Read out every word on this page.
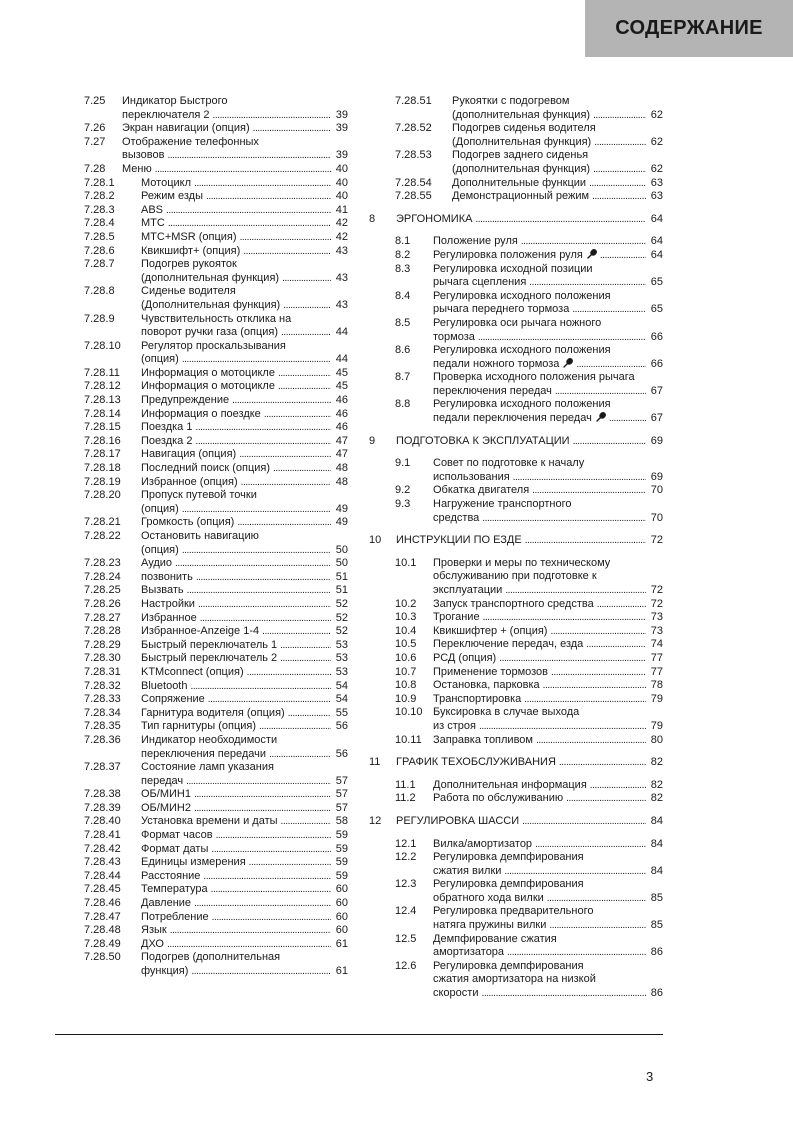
СОДЕРЖАНИЕ
7.25	Индикатор Быстрого
переключателя 2 . . .	39
7.26	Экран навигации (опция) . . .	39
7.27	Отображение телефонных
вызовов . . .	39
7.28	Меню . . .	40
7.28.1	Мотоцикл . . .	40
7.28.2	Режим езды . . .	40
7.28.3	ABS . . .	41
7.28.4	MTC . . .	42
7.28.5	MTC+MSR (опция) . . .	42
7.28.6	Квикшифт+ (опция) . . .	43
7.28.7	Подогрев рукояток
(дополнительная функция) . . .	43
7.28.8	Сиденье водителя
(Дополнительная функция) . . .	43
7.28.9	Чувствительность отклика на
поворот ручки газа (опция) . . .	44
7.28.10	Регулятор проскальзывания
(опция) . . .	44
7.28.11	Информация о мотоцикле . . .	45
7.28.12	Информация о мотоцикле . . .	45
7.28.13	Предупреждение . . .	46
7.28.14	Информация о поездке . . .	46
7.28.15	Поездка 1 . . .	46
7.28.16	Поездка 2 . . .	47
7.28.17	Навигация (опция) . . .	47
7.28.18	Последний поиск (опция) . . .	48
7.28.19	Избранное (опция) . . .	48
7.28.20	Пропуск путевой точки
(опция) . . .	49
7.28.21	Громкость (опция) . . .	49
7.28.22	Остановить навигацию
(опция) . . .	50
7.28.23	Аудио . . .	50
7.28.24	позвонить . . .	51
7.28.25	Вызвать . . .	51
7.28.26	Настройки . . .	52
7.28.27	Избранное . . .	52
7.28.28	Избранное-Anzeige 1-4 . . .	52
7.28.29	Быстрый переключатель 1 . . .	53
7.28.30	Быстрый переключатель 2 . . .	53
7.28.31	KTMconnect (опция) . . .	53
7.28.32	Bluetooth . . .	54
7.28.33	Сопряжение . . .	54
7.28.34	Гарнитура водителя (опция) . . .	55
7.28.35	Тип гарнитуры (опция) . . .	56
7.28.36	Индикатор необходимости
переключения передачи . . .	56
7.28.37	Состояние ламп указания
передач . . .	57
7.28.38	ОБ/МИН1 . . .	57
7.28.39	ОБ/МИН2 . . .	57
7.28.40	Установка времени и даты . . .	58
7.28.41	Формат часов . . .	59
7.28.42	Формат даты . . .	59
7.28.43	Единицы измерения . . .	59
7.28.44	Расстояние . . .	59
7.28.45	Температура . . .	60
7.28.46	Давление . . .	60
7.28.47	Потребление . . .	60
7.28.48	Язык . . .	60
7.28.49	ДХО . . .	61
7.28.50	Подогрев (дополнительная
функция) . . .	61
7.28.51	Рукоятки с подогревом
(дополнительная функция) . . .	62
7.28.52	Подогрев сиденья водителя
(Дополнительная функция) . . .	62
7.28.53	Подогрев заднего сиденья
(дополнительная функция) . . .	62
7.28.54	Дополнительные функции . . .	63
7.28.55	Демонстрационный режим . . .	63
8	ЭРГОНОМИКА . . .	64
8.1	Положение руля . . .	64
8.2	Регулировка положения руля . . .	64
8.3	Регулировка исходной позиции
рычага сцепления . . .	65
8.4	Регулировка исходного положения
рычага переднего тормоза . . .	65
8.5	Регулировка оси рычага ножного
тормоза . . .	66
8.6	Регулировка исходного положения
педали ножного тормоза . . .	66
8.7	Проверка исходного положения рычага
переключения передач . . .	67
8.8	Регулировка исходного положения
педали переключения передач . . .	67
9	ПОДГОТОВКА К ЭКСПЛУАТАЦИИ . . .	69
9.1	Совет по подготовке к началу
использования . . .	69
9.2	Обкатка двигателя . . .	70
9.3	Нагружение транспортного
средства . . .	70
10	ИНСТРУКЦИИ ПО ЕЗДЕ . . .	72
10.1	Проверки и меры по техническому
обслуживанию при подготовке к
эксплуатации . . .	72
10.2	Запуск транспортного средства . . .	72
10.3	Трогание . . .	73
10.4	Квикшифтер + (опция) . . .	73
10.5	Переключение передач, езда . . .	74
10.6	РСД (опция) . . .	77
10.7	Применение тормозов . . .	77
10.8	Остановка, парковка . . .	78
10.9	Транспортировка . . .	79
10.10 Буксировка в случае выхода
из строя . . .	79
10.11	Заправка топливом . . .	80
11	ГРАФИК ТЕХОБСЛУЖИВАНИЯ . . .	82
11.1	Дополнительная информация . . .	82
11.2	Работа по обслуживанию . . .	82
12	РЕГУЛИРОВКА ШАССИ . . .	84
12.1	Вилка/амортизатор . . .	84
12.2	Регулировка демпфирования
сжатия вилки . . .	84
12.3	Регулировка демпфирования
обратного хода вилки . . .	85
12.4	Регулировка предварительного
натяга пружины вилки . . .	85
12.5	Демпфирование сжатия
амортизатора . . .	86
12.6	Регулировка демпфирования
сжатия амортизатора на низкой
скорости . . .	86
3
